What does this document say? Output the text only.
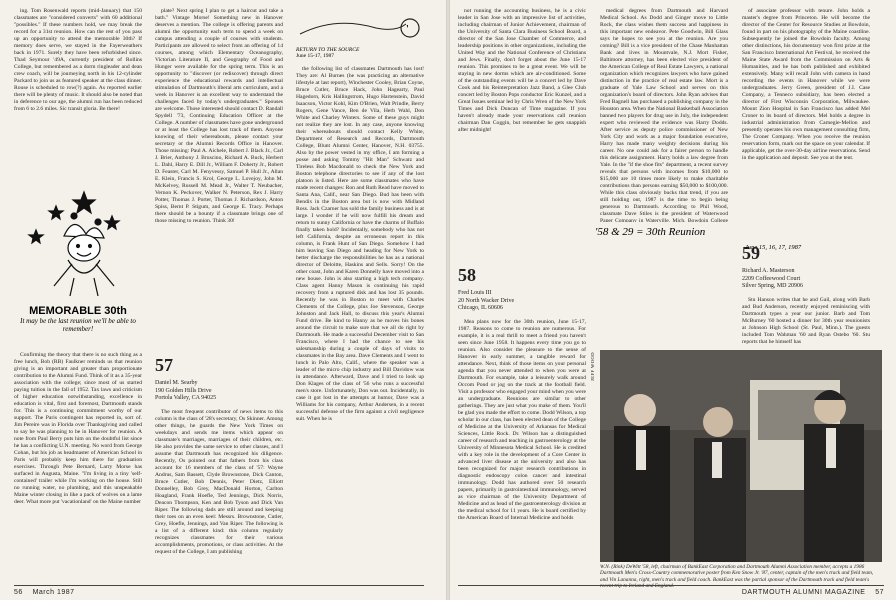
ing. Tom Rosenwald reports (mid-January) that 150 classmates are "considered converts" with 60 additional "possibles." If these numbers hold, we may break the record for a 31st reunion. How can the rest of you pass up an opportunity to attend the memorable 30th? If memory does serve, we stayed in the Fayerweathers back in 1971. Surely they have been refurbished since. Thad Seymour '49A, currently president of Rollins College, but remembered as a dorm ringleader and dean crew coach, will be journeying north in his 12-cylinder Packard to join us as featured speaker at the class dinner. Rouse is scheduled to row(?) again. As reported earlier there will be plenty of music. It should also be noted that in deference to our age, the alumni run has been reduced from 6 to 2.6 miles. Sic transit gloria. Be there!

MEMORABLE 30th
It may be the last reunion we'll be able to remember!

Confirming the theory that there is no such thing as a free lunch, Bob (RB) Faulkner reminds us that reunion giving is an important and greater than proportionate contribution to the Alumni Fund. Think of it as a 35-year association with the college; since most of us started paying tuition in the fall of 1952. Tax laws and criticism of higher education notwithstanding, excellence in education is vital, first and foremost, Dartmouth stands for. This is a continuing commitment worthy of our support. The Paris contingent has reported in, sort of. Jim Pereire was in Florida over Thanksgiving and called to say he was planning to be in Hanover for reunion. A note from Paul Berry puts him on the doubtful list since he has a conflicting U.N. meeting. No word from George Cohan, but his job as headmaster of American School in Paris will probably keep him there for graduation exercises. Through Pete Bernard, Larry Morse has surfaced in Augusta, Maine. "I'm living in a tiny 'self-contained' trailer while I'm working on the house. Still no running water, no plumbing, and this unspeakable Maine winter closing in like a pack of wolves on a lame deer. What more put 'vacationland' on the Maine number

plate? Next spring I plan to get a haircut and take a bath." Vintage Morse! Something new in Hanover deserves a mention. The college is offering parents and alumni the opportunity each term to spend a week on campus attending a couple of courses with students. Participants are allowed to select from an offering of 14 courses, among which Elementary Oceanography, Victorian Literature II, and Geography of Food and Hunger were available for the spring term. This is an opportunity to "discover (or rediscover) through direct experience the educational rewards and intellectual stimulation of Dartmouth's liberal arts curriculum, and a week in Hanover is an excellent way to understand the challenges faced by today's undergraduates." Spouses are welcome. Those interested should contact D. Randall Spydell '73, Continuing Education Officer at the College. A number of classmates have gone underground or at least the College has lost track of them. Anyone knowing of their whereabouts, please contact your secretary or the Alumni Records Office in Hanover. Those missing: Paul A. Aichele, Robert J. Black Jr., Carl J. Brier, Anthony J. Bruscino, Richard A. Buck, Herbert L. Dahl, Harry E. Dill Jr., William F. Doherty Jr., Robert D. Feaster, Carl M. Fenyvessy, Samuel P. Hull Jr., Allan E. Klein, Francis S. Krol, George L. Lovejoy, John M. McKelvey, Russell M. Mead Jr., Walter T. Neubacher, Vernon K. Peckover, Walker N. Peterson, Rex J. Harry Potter, Thomas J. Porter, Thomas J. Richardson, Anton Spiss, Bernt P. Stigum, and George E. Tracy. Perhaps there should be a bounty if a classmate brings one of those missing to reunion. Think 30!

57
Daniel M. Searby
190 Golden Hills Drive
Portola Valley, CA 94025

The most frequent contributor of news items to this column is the class of '28's secretary, Os Skinner. Among other things, he guards the New York Times on weekdays and sends me items which appear on classmate's marriages, marriages of their children, etc. He also provides the same service to other classes, and I assume that Dartmouth has recognized his diligence. Recently, Os pointed out that fathers from his class account for 16 members of the class of '57: Wayne Andrus, Sam Bassett, Clyde Brownstone, Dick Canton, Bruce Cutler, Bob Dennis, Peter Dietz, Elliott Donnelley, Bob Grey, MacDonald Horton, Carlton Hoagland, Frank Hoefle, Ted Jennings, Dick Norris, Deacon Thompson, Ken and Bob Tyson and Dick Van Riper. The following dads are still around and keeping their toes on an even keel: Messrs. Brownstone, Cutler, Grey, Hoefle, Jennings, and Van Riper. The following is a list of a different kind: this column regularly recognizes classmates for their various accomplishments, promotions, or class activities. At the request of the College, I am publishing

'
RETURN TO THE SOURCE
June 15-17, 1987

the following list of classmates Dartmouth has lost! They are: Al Burnes (he was practicing an alternative lifestyle at last report), Winchester Cooley, Brian Coyne, Bruce Cutler, Bruce Hack, John Hagearty, Paul Hagedorn, Kris Hallingstrom, Hugo Hartenstein, David Isaacson, Victor Kohl, Kim O'Brien, Walt Prindle, Berry Rogers, Gene Vance, Ben de Vila, Herb Wahl, Don White and Charley Winters. Some of these guys might not realize they are lost. In any case, anyone knowing their whereabouts should contact Kelly White, Department of Research and Records, Dartmouth College, Blunt Alumni Center, Hanover, N.H. 03755. Also by the power vested in my office, I am forming a posse and asking Tommy "Hit Man" Schwarz and Tireless Bob Macdonald to check the New York and Boston telephone directories to see if any of the lost platoon is listed. Here are some classmates who have made recent changes: Ron and Ruth Read have moved to Santa Ana, Calif., near San Diego. Bud has been with Bendix in the Boston area but is now with Midland Ross. Jack Czarner has sold the family business and is at large. I wonder if he will now fulfill his dream and return to sunny California or have the charms of Buffalo finally taken hold? Incidentally, somebody who has not left California, despite an erroneous report in this column, is Frank Hunt of San Diego. Somehow I had him leaving San Diego and heading for New York to better discharge the responsibilities he has as a national director of Deloitte, Haskins and Sells. Sorry! On the other coast, John and Karen Donnelly have moved into a new house. John is also starting a high tech company. Class agent Hanny Mason is continuing his rapid recovery from a ruptured disk and has lost 35 pounds. Recently he was in Boston to meet with Charles Clements of the College, plus Joe Stevenson, George Johnston and Jack Hall, to discuss this year's Alumni Fund drive. Be kind to Hanny as he moves his bones around the circuit to make sure that we all do right by Dartmouth. He made a successful December visit to San Francisco, where I had the chance to see his salesmanship during a couple of days of visits to classmates in the Bay area. Dave Clements and I went to lunch in Palo Alto, Calif., where the speaker was a leader of the micro chip industry and Bill Davidow was in attendance. Afterward, Dave and I tried to look up Don Klages of the class of '56 who runs a successful men's store. Unfortunately, Don was out. Incidentally, in case it got lost in the attempts at humor, Dave was a Williams for his company, Arthur Andersen, in a recent successful defense of the firm against a civil negligence suit. When he is

56 March 1987

not running the accounting business, he is a civic leader in San Jose with an impressive list of activities, including chairman of Junior Achievement, chairman of the University of Santa Clara Business School Board, a director of the San Jose Chamber of Commerce, and leadership positions in other organizations, including the United Way and the National Conference of Christians and Jews. Finally, don't forget about the June 15-17 reunion. This promises to be a great event. We will be staying in new dorms which are air-conditioned. Some of the outstanding events will be a concert led by Dave Cook and his Reinterpretation Jazz Band, a Glee Club concert led by Boston Pops conductor Eric Kunzel, and a Great Issues seminar led by Chris Wren of the New York Times and Dick Duncan of Time magazine. If you haven't already made your reservations call reunion chairman Dan Coggin, but remember he gets snappish after midnight!

58
Fred Louis III
20 North Wacker Drive
Chicago, IL 60606

Mea plans now for the 30th reunion, June 15-17, 1987. Reasons to come to reunion are numerous. For example, it is a real thrill to meet a friend you haven't seen since June 1958. It happens every time you go to reunion. Also consider the pleasure to the sense of Hanover in early summer, a tangible reward for attendance. Next, think of those items on your personal agenda that you never attended to when you were at Dartmouth. For example, take a leisurely walk around Occom Pond or jog on the track at the football field. Visit a professor who engaged your mind when you were an undergraduate. Reunions are similar to other gatherings. They are just what you make of them. You'll be glad you made the effort to come. Dodd Wilson, a top scholar in our class, has been elected dean of the College of Medicine at the University of Arkansas for Medical Sciences, Little Rock. Dr. Wilson has a distinguished career of research and teaching in gastroenterology at the University of Minnesota Medical School. He is credited with a key role in the development of a Core Center in advanced liver disease at the university and also has been recognized for major research contributions in diagnostic endoscopy colon cancer and intestinal immunology. Dodd has authored over 50 research papers, primarily in gastrointestinal immunology, served as vice chairman of the University Department of Medicine and as head of the gastroenterology division at the medical school for 11 years. He is board certified by the American Board of Internal Medicine and holds

medical degrees from Dartmouth and Harvard Medical School. As Dodd and Ginger move to Little Rock, the class wishes them success and happiness in this important new endeavor. Pete Goodwin, Bill Glass says he hopes to see you at the reunion. Are you coming? Bill is a vice president of the Chase Manhattan Bank and lives in Mountvale, N.J. Mort Fisher, Baltimore attorney, has been elected vice president of the American College of Real Estate Lawyers, a national organization which recognizes lawyers who have gained distinction in the practice of real estate law. Mort is a graduate of Yale Law School and serves on this organization's board of directors. John Ryan advises that Fred Bagnell has purchased a publishing company in the Houston area. When the National Basketball Association banned two players for drug use in July, the independent expert who reviewed the evidence was Harry Dodds. After service as deputy police commissioner of New York City and work as a major foundation executive, Harry has made many weighty decisions during his career. No one could ask for a fairer person to handle this delicate assignment. Harry holds a law degree from Yale. In the "if the shoe fits" department, a recent survey reveals that persons with incomes from $10,000 to $15,000 are 10 times more likely to make charitable contributions than persons earning $50,000 to $100,000. While this class obviously bucks that trend, if you are still holding out, 1987 is the time to begin being generous to Dartmouth. According to Phil Wood, classmate Dave Stiles is the president of Waterwood Paper Company in Waterville, Mich. Bowdoin College

of associate professor with tenure. John holds a master's degree from Princeton. He will become the director of the Center for Resource Studies at Bowdoin, found in part on his photography of the Maine coastline. Subsequently he joined the Bowdoin faculty. Among other distinctions, his documentary won first prize at the San Francisco International Art Festival, he received the Maine State Award from the Commission on Arts & Humanities, and he has both published and exhibited extensively. Many will recall John with camera in hand recording the events in Hanover while we were undergraduates. Jerry Green, president of J.I. Case Company, a Tenneco subsidiary, has been elected a director of First Wisconsin Corporation, Milwaukee. Mount Zion Hospital in San Francisco has added Mel Croner to its board of directors. Mel holds a degree in industrial administration from Carnegie-Mellon and presently operates his own management consulting firm, The Croner Company. When you receive the reunion reservation form, mark out the space on your calendar. If applicable, get the over-30-day airline reservations. Send in the application and deposit. See you at the tent.

59
Richard A. Masterson
2209 Coffeewood Court
Silver Spring, MD 20906

Stu Hanson writes that he and Gail, along with Barb and Bud Anderson, recently enjoyed reminiscing with Dartmouth types a year our junior. Barb and Tom McBurney '60 hosted a dinner for 30th year reunionists at Johnson High School (St. Paul, Minn.). The guests included Tom Wahman '60 and Ryan Ostebo '60. Stu reports that he himself has

'58 & 29 = 30th Reunion
June 15, 16, 17, 1987
JEFF WOOD
W.N. (Rink) DeWitt '58, left, chairman of BankEast Corporation and Dartmouth Alumni Association member, accepts a 1986 Dartmouth Men's Cross-Country commemorative poster from Ken Snow Jr. '87, center, captain of the men's track and field team, and Vin Lananna, right, men's track and field coach. BankEast was the partial sponsor of the Dartmouth track and field team's recent trip to Ireland and England.
DARTMOUTH ALUMNI MAGAZINE 57
